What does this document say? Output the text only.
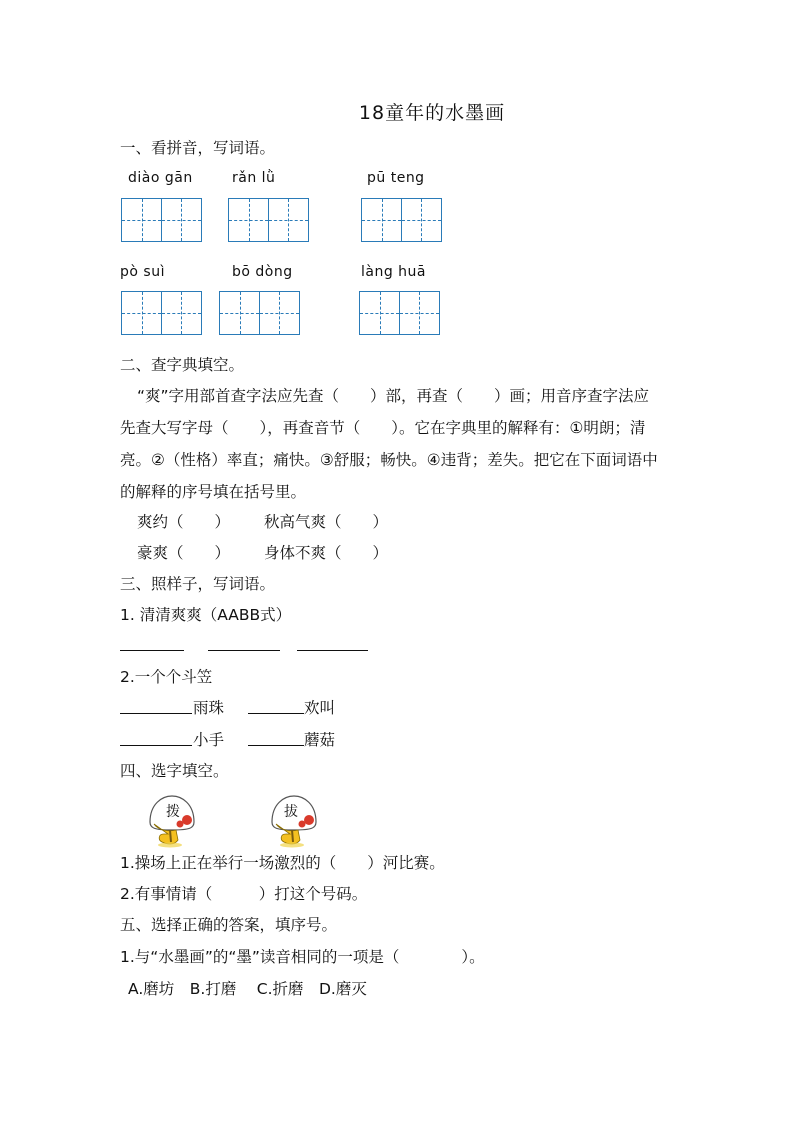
18童年的水墨画
一、看拼音，写词语。
diào gān	rǎn lǜ	pū teng
pò suì	bō dòng	làng huā
二、查字典填空。
“爽”字用部首查字法应先查（　　）部，再查（　　）画；用音序查字法应
先查大写字母（　　），再查音节（　　）。它在字典里的解释有：①明朗；清
亮。②（性格）率直；痛快。③舒服；畅快。④违背；差失。把它在下面词语中
的解释的序号填在括号里。
爽约（　　） 秋高气爽（　　）
豪爽（　　） 身体不爽（　　）
三、照样子，写词语。
1. 清清爽爽（AABB式）
2.一个个斗笠
雨珠	欢叫
小手	蘑菇
四、选字填空。
拨	拔
1.操场上正在举行一场激烈的（　　）河比赛。
2.有事情请（　　　）打这个号码。
五、选择正确的答案，填序号。
1.与“水墨画”的“墨”读音相同的一项是（　　　　）。
A.磨坊　B.打磨　 C.折磨　D.磨灭
